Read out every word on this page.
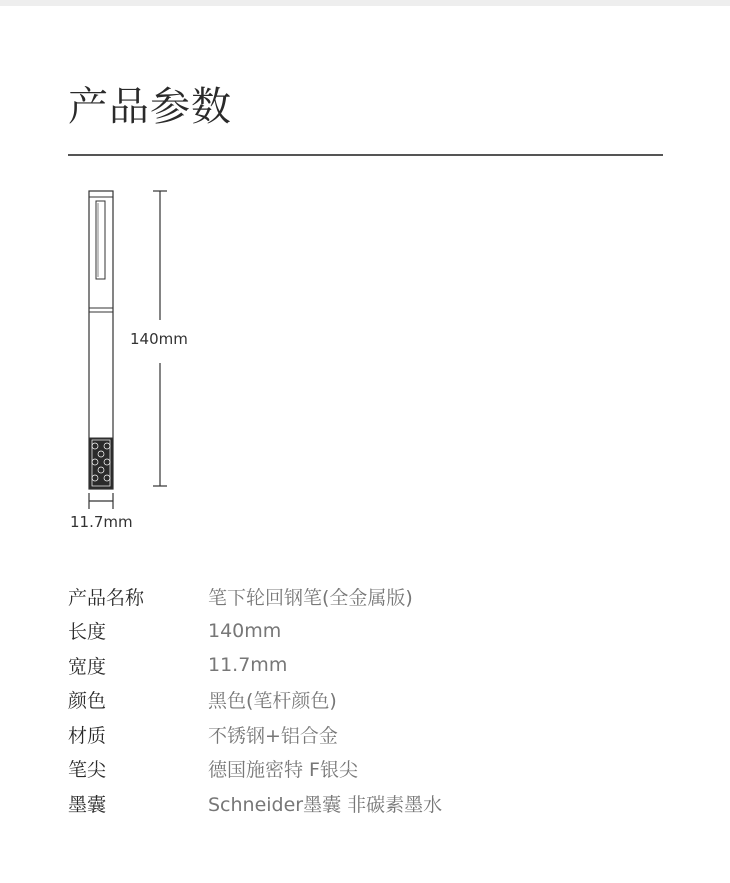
产品参数
140mm
11.7mm
产品名称	笔下轮回钢笔(全金属版)
长度	140mm
宽度	11.7mm
颜色	黑色(笔杆颜色)
材质	不锈钢+铝合金
笔尖	德国施密特 F银尖
墨囊	Schneider墨囊 非碳素墨水
